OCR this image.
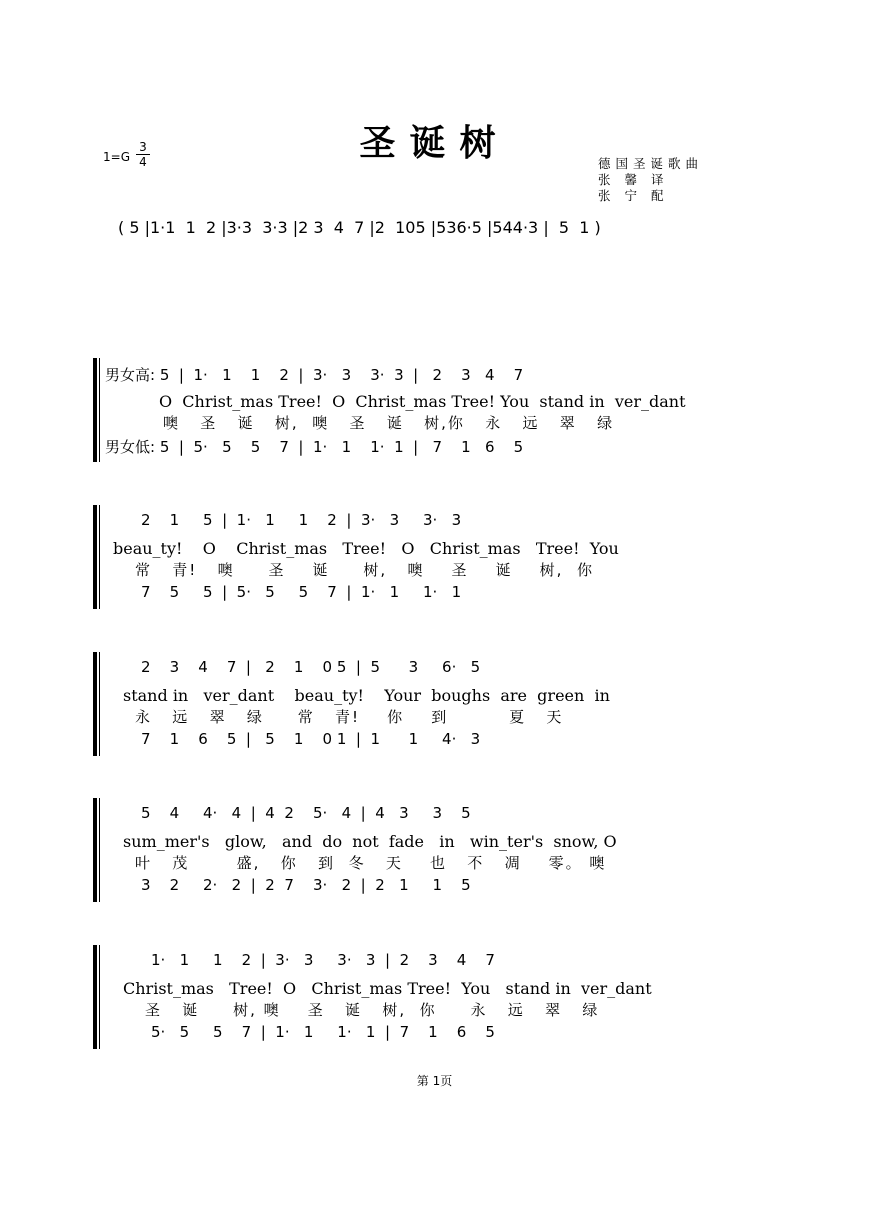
圣诞树
1=G
3
4	德国圣诞歌曲
张 馨 译
张 宁 配
( 5 |1·1  1  2 |3·3  3·3 |2 3  4  7 |2  105 |536·5 |544·3 |  5  1 )
男女高: 5  |  1·   1    1    2  |  3·   3    3·  3  |   2    3   4    7
O  Christ_mas Tree!  O  Christ_mas Tree! You  stand in  ver_dant
噢   圣   诞   树,  噢   圣   诞   树,你   永   远   翠   绿
男女低: 5  |  5·   5    5    7  |  1·   1    1·  1  |   7    1   6    5
2    1     5  |  1·   1     1    2  |  3·   3     3·   3
beau_ty!    O    Christ_mas   Tree!   O   Christ_mas   Tree!  You
常   青!   噢     圣    诞     树,   噢    圣    诞    树,  你
7    5     5  |  5·   5     5    7  |  1·   1     1·   1
2    3    4    7  |   2    1    0 5  |  5      3     6·   5
stand in   ver_dant    beau_ty!    Your  boughs  are  green  in
永   远   翠   绿     常   青!    你    到         夏   天
7    1    6    5  |   5    1    0 1  |  1      1     4·   3
5    4     4·   4  |  4  2    5·   4  |  4   3     3    5
sum_mer's   glow,   and  do  not  fade   in   win_ter's  snow, O
叶   茂       盛,   你   到  冬   天    也   不   凋    零。 噢
3    2     2·   2  |  2  7    3·   2  |  2   1     1    5
1·   1     1    2  |  3·   3     3·   3  |  2    3    4    7
Christ_mas   Tree!  O   Christ_mas Tree!  You   stand in  ver_dant
圣   诞     树, 噢    圣   诞   树,  你     永   远   翠   绿
5·   5     5    7  |  1·   1     1·   1  |  7    1    6    5
第 1页
